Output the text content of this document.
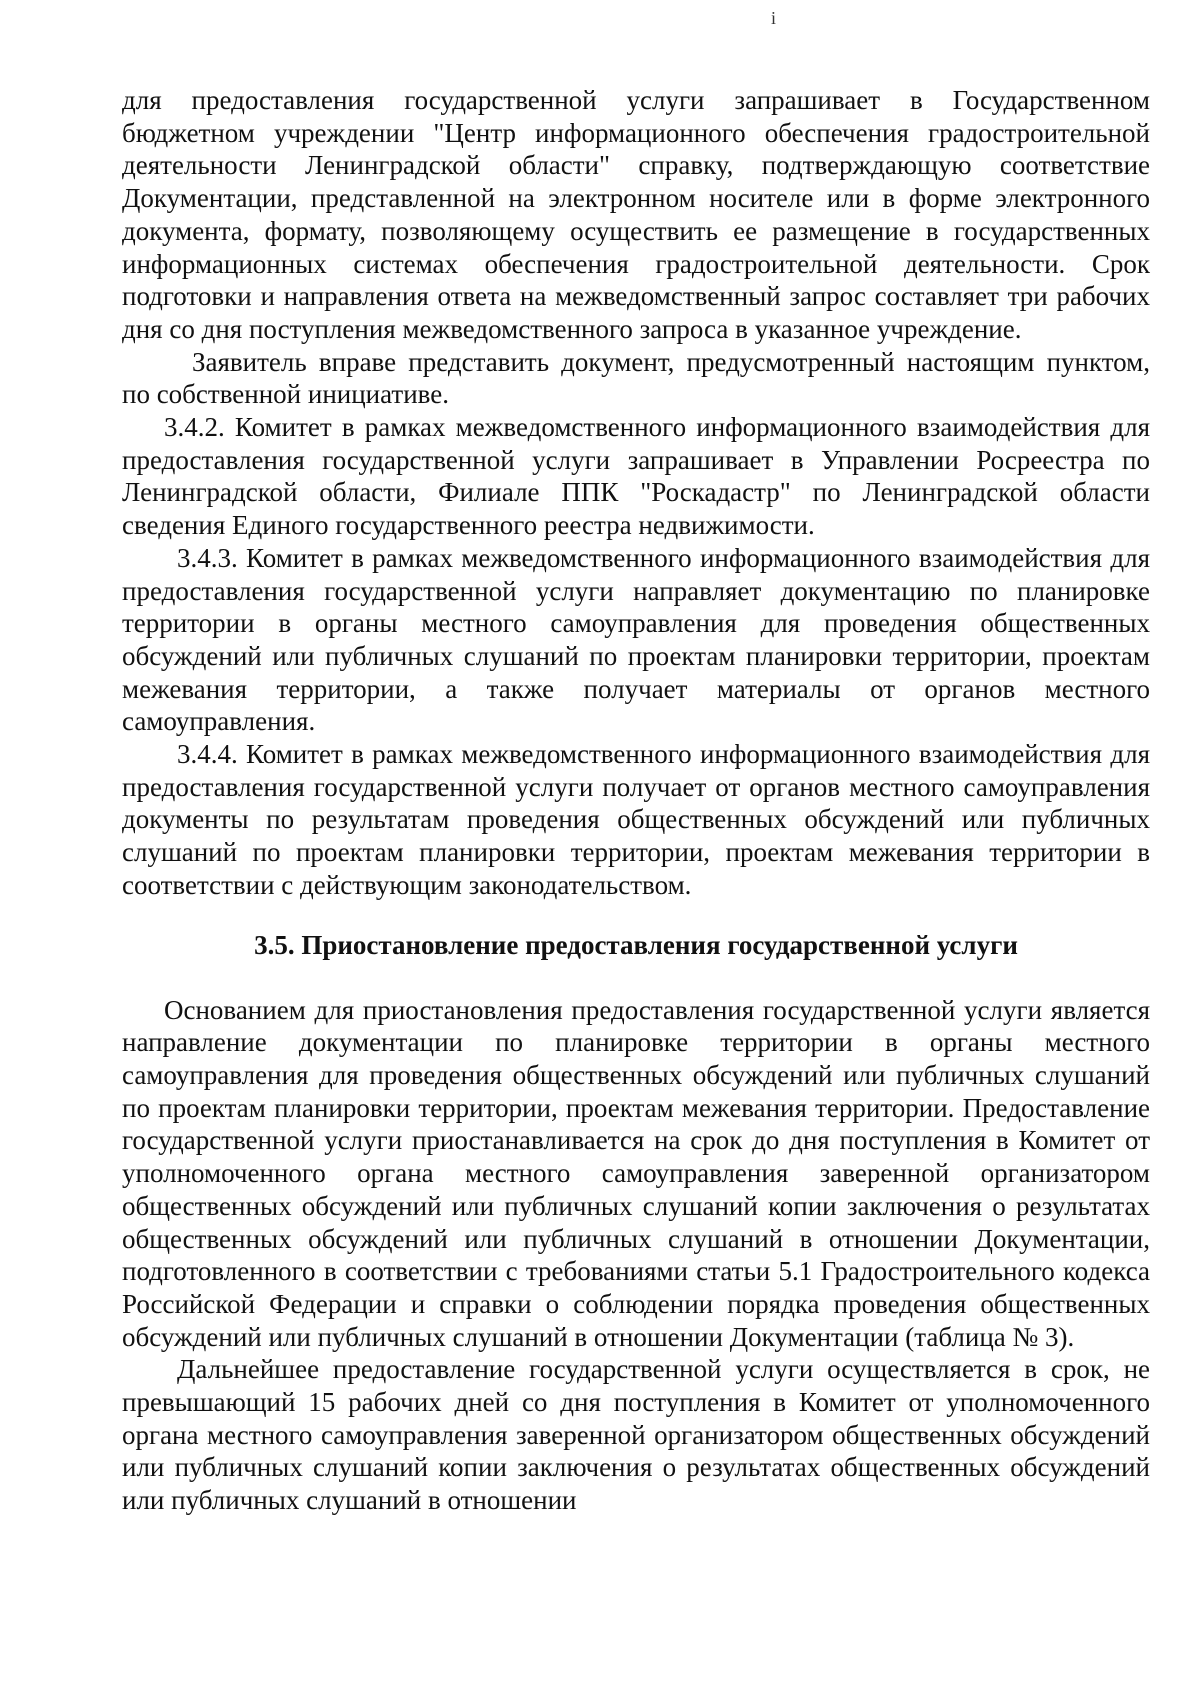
і

для предоставления государственной услуги запрашивает в Государственном бюджетном учреждении "Центр информационного обеспечения градостроительной деятельности Ленинградской области" справку, подтверждающую соответствие Документации, представленной на электронном носителе или в форме электронного документа, формату, позволяющему осуществить ее размещение в государственных информационных системах обеспечения градостроительной деятельности. Срок подготовки и направления ответа на межведомственный запрос составляет три рабочих дня со дня поступления межведомственного запроса в указанное учреждение.

Заявитель вправе представить документ, предусмотренный настоящим пунктом, по собственной инициативе.

3.4.2. Комитет в рамках межведомственного информационного взаимодействия для предоставления государственной услуги запрашивает в Управлении Росреестра по Ленинградской области, Филиале ППК "Роскадастр" по Ленинградской области сведения Единого государственного реестра недвижимости.

3.4.3. Комитет в рамках межведомственного информационного взаимодействия для предоставления государственной услуги направляет документацию по планировке территории в органы местного самоуправления для проведения общественных обсуждений или публичных слушаний по проектам планировки территории, проектам межевания территории, а также получает материалы от органов местного самоуправления.

3.4.4. Комитет в рамках межведомственного информационного взаимодействия для предоставления государственной услуги получает от органов местного самоуправления документы по результатам проведения общественных обсуждений или публичных слушаний по проектам планировки территории, проектам межевания территории в соответствии с действующим законодательством.

3.5. Приостановление предоставления государственной услуги

Основанием для приостановления предоставления государственной услуги является направление документации по планировке территории в органы местного самоуправления для проведения общественных обсуждений или публичных слушаний по проектам планировки территории, проектам межевания территории. Предоставление государственной услуги приостанавливается на срок до дня поступления в Комитет от уполномоченного органа местного самоуправления заверенной организатором общественных обсуждений или публичных слушаний копии заключения о результатах общественных обсуждений или публичных слушаний в отношении Документации, подготовленного в соответствии с требованиями статьи 5.1 Градостроительного кодекса Российской Федерации и справки о соблюдении порядка проведения общественных обсуждений или публичных слушаний в отношении Документации (таблица № 3).

Дальнейшее предоставление государственной услуги осуществляется в срок, не превышающий 15 рабочих дней со дня поступления в Комитет от уполномоченного органа местного самоуправления заверенной организатором общественных обсуждений или публичных слушаний копии заключения о результатах общественных обсуждений или публичных слушаний в отношении
